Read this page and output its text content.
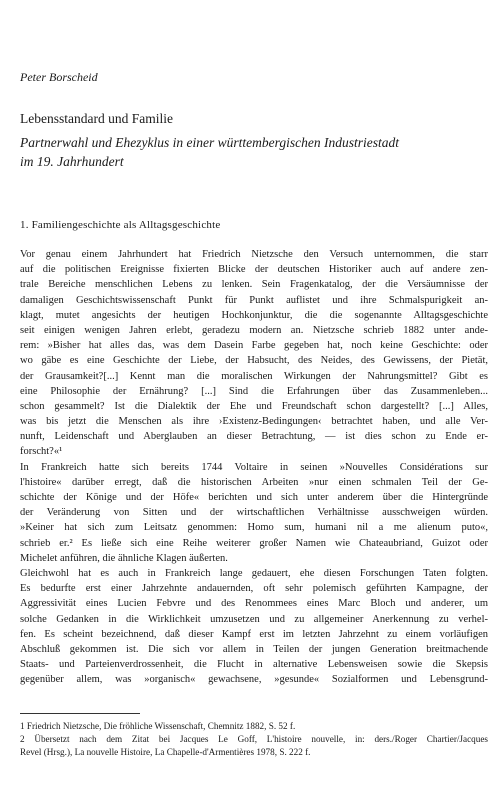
Peter Borscheid

Lebensstandard und Familie

Partnerwahl und Ehezyklus in einer württembergischen Industriestadt
im 19. Jahrhundert

1. Familiengeschichte als Alltagsgeschichte

Vor genau einem Jahrhundert hat Friedrich Nietzsche den Versuch unternommen, die starr
auf die politischen Ereignisse fixierten Blicke der deutschen Historiker auch auf andere zen-
trale Bereiche menschlichen Lebens zu lenken. Sein Fragenkatalog, der die Versäumnisse der
damaligen Geschichtswissenschaft Punkt für Punkt auflistet und ihre Schmalspurigkeit an-
klagt, mutet angesichts der heutigen Hochkonjunktur, die die sogenannte Alltagsgeschichte
seit einigen wenigen Jahren erlebt, geradezu modern an. Nietzsche schrieb 1882 unter ande-
rem: »Bisher hat alles das, was dem Dasein Farbe gegeben hat, noch keine Geschichte: oder
wo gäbe es eine Geschichte der Liebe, der Habsucht, des Neides, des Gewissens, der Pietät,
der Grausamkeit?[...] Kennt man die moralischen Wirkungen der Nahrungsmittel? Gibt es
eine Philosophie der Ernährung? [...] Sind die Erfahrungen über das Zusammenleben...
schon gesammelt? Ist die Dialektik der Ehe und Freundschaft schon dargestellt? [...] Alles,
was bis jetzt die Menschen als ihre ›Existenz-Bedingungen‹ betrachtet haben, und alle Ver-
nunft, Leidenschaft und Aberglauben an dieser Betrachtung, — ist dies schon zu Ende er-
forscht?«¹
In Frankreich hatte sich bereits 1744 Voltaire in seinen »Nouvelles Considérations sur
l'histoire« darüber erregt, daß die historischen Arbeiten »nur einen schmalen Teil der Ge-
schichte der Könige und der Höfe« berichten und sich unter anderem über die Hintergründe
der Veränderung von Sitten und der wirtschaftlichen Verhältnisse ausschweigen würden.
»Keiner hat sich zum Leitsatz genommen: Homo sum, humani nil a me alienum puto«,
schrieb er.² Es ließe sich eine Reihe weiterer großer Namen wie Chateaubriand, Guizot oder
Michelet anführen, die ähnliche Klagen äußerten.
Gleichwohl hat es auch in Frankreich lange gedauert, ehe diesen Forschungen Taten folgten.
Es bedurfte erst einer Jahrzehnte andauernden, oft sehr polemisch geführten Kampagne, der
Aggressivität eines Lucien Febvre und des Renommees eines Marc Bloch und anderer, um
solche Gedanken in die Wirklichkeit umzusetzen und zu allgemeiner Anerkennung zu verhel-
fen. Es scheint bezeichnend, daß dieser Kampf erst im letzten Jahrzehnt zu einem vorläufigen
Abschluß gekommen ist. Die sich vor allem in Teilen der jungen Generation breitmachende
Staats- und Parteienverdrossenheit, die Flucht in alternative Lebensweisen sowie die Skepsis
gegenüber allem, was »organisch« gewachsene, »gesunde« Sozialformen und Lebensgrund-
1 Friedrich Nietzsche, Die fröhliche Wissenschaft, Chemnitz 1882, S. 52 f.
2 Übersetzt nach dem Zitat bei Jacques Le Goff, L'histoire nouvelle, in: ders./Roger Chartier/Jacques
Revel (Hrsg.), La nouvelle Histoire, La Chapelle-d'Armentières 1978, S. 222 f.
